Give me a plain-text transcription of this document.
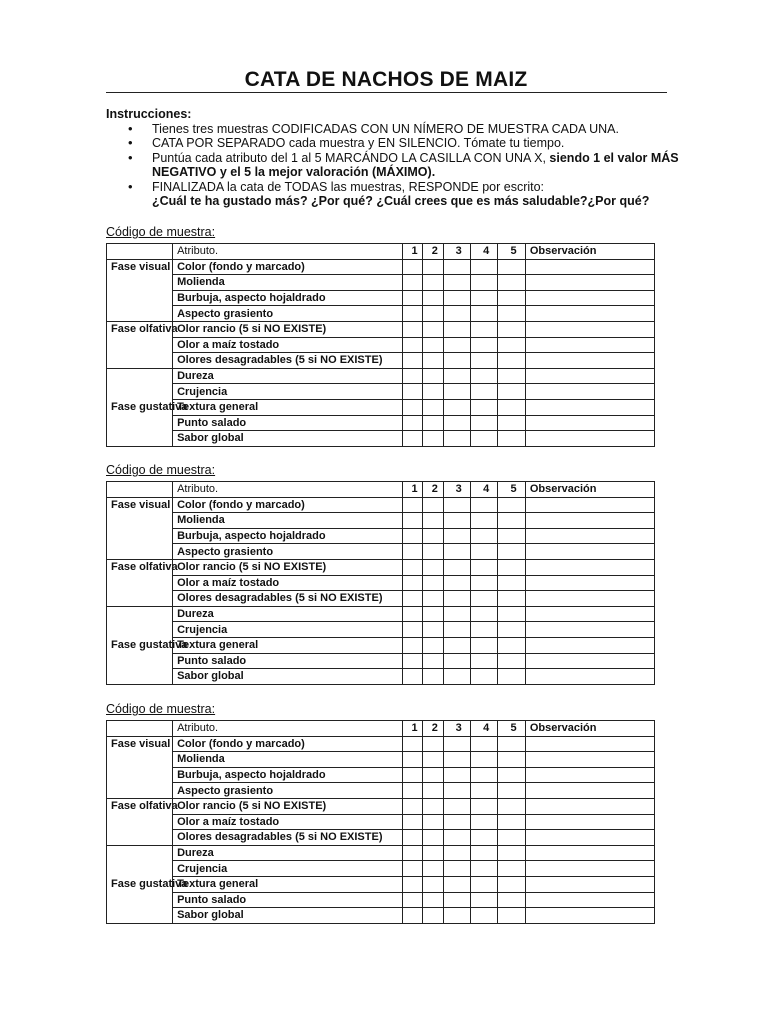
CATA DE NACHOS DE MAIZ
Instrucciones:
• Tienes tres muestras CODIFICADAS CON UN NÍMERO DE MUESTRA CADA UNA.
• CATA POR SEPARADO cada muestra y EN SILENCIO. Tómate tu tiempo.
• Puntúa cada atributo del 1 al 5 MARCÁNDO LA CASILLA CON UNA X, siendo 1 el valor MÁS NEGATIVO y el 5 la mejor valoración (MÁXIMO).
• FINALIZADA la cata de TODAS las muestras, RESPONDE por escrito:
¿Cuál te ha gustado más? ¿Por qué? ¿Cuál crees que es más saludable?¿Por qué?
Código de muestra:
	Atributo.	1	2	3	4	5	Observación
Fase visual	Color (fondo y marcado)						
	Molienda						
	Burbuja, aspecto hojaldrado						
	Aspecto grasiento						
Fase olfativa	Olor rancio (5 si NO EXISTE)						
	Olor a maíz tostado						
	Olores desagradables (5 si NO EXISTE)						
Fase gustativa	Dureza						
	Crujencia						
	Textura general						
	Punto salado						
	Sabor global						
Código de muestra:
	Atributo.	1	2	3	4	5	Observación
Fase visual	Color (fondo y marcado)						
	Molienda						
	Burbuja, aspecto hojaldrado						
	Aspecto grasiento						
Fase olfativa	Olor rancio (5 si NO EXISTE)						
	Olor a maíz tostado						
	Olores desagradables (5 si NO EXISTE)						
Fase gustativa	Dureza						
	Crujencia						
	Textura general						
	Punto salado						
	Sabor global						
Código de muestra:
	Atributo.	1	2	3	4	5	Observación
Fase visual	Color (fondo y marcado)						
	Molienda						
	Burbuja, aspecto hojaldrado						
	Aspecto grasiento						
Fase olfativa	Olor rancio (5 si NO EXISTE)						
	Olor a maíz tostado						
	Olores desagradables (5 si NO EXISTE)						
Fase gustativa	Dureza						
	Crujencia						
	Textura general						
	Punto salado						
	Sabor global						
